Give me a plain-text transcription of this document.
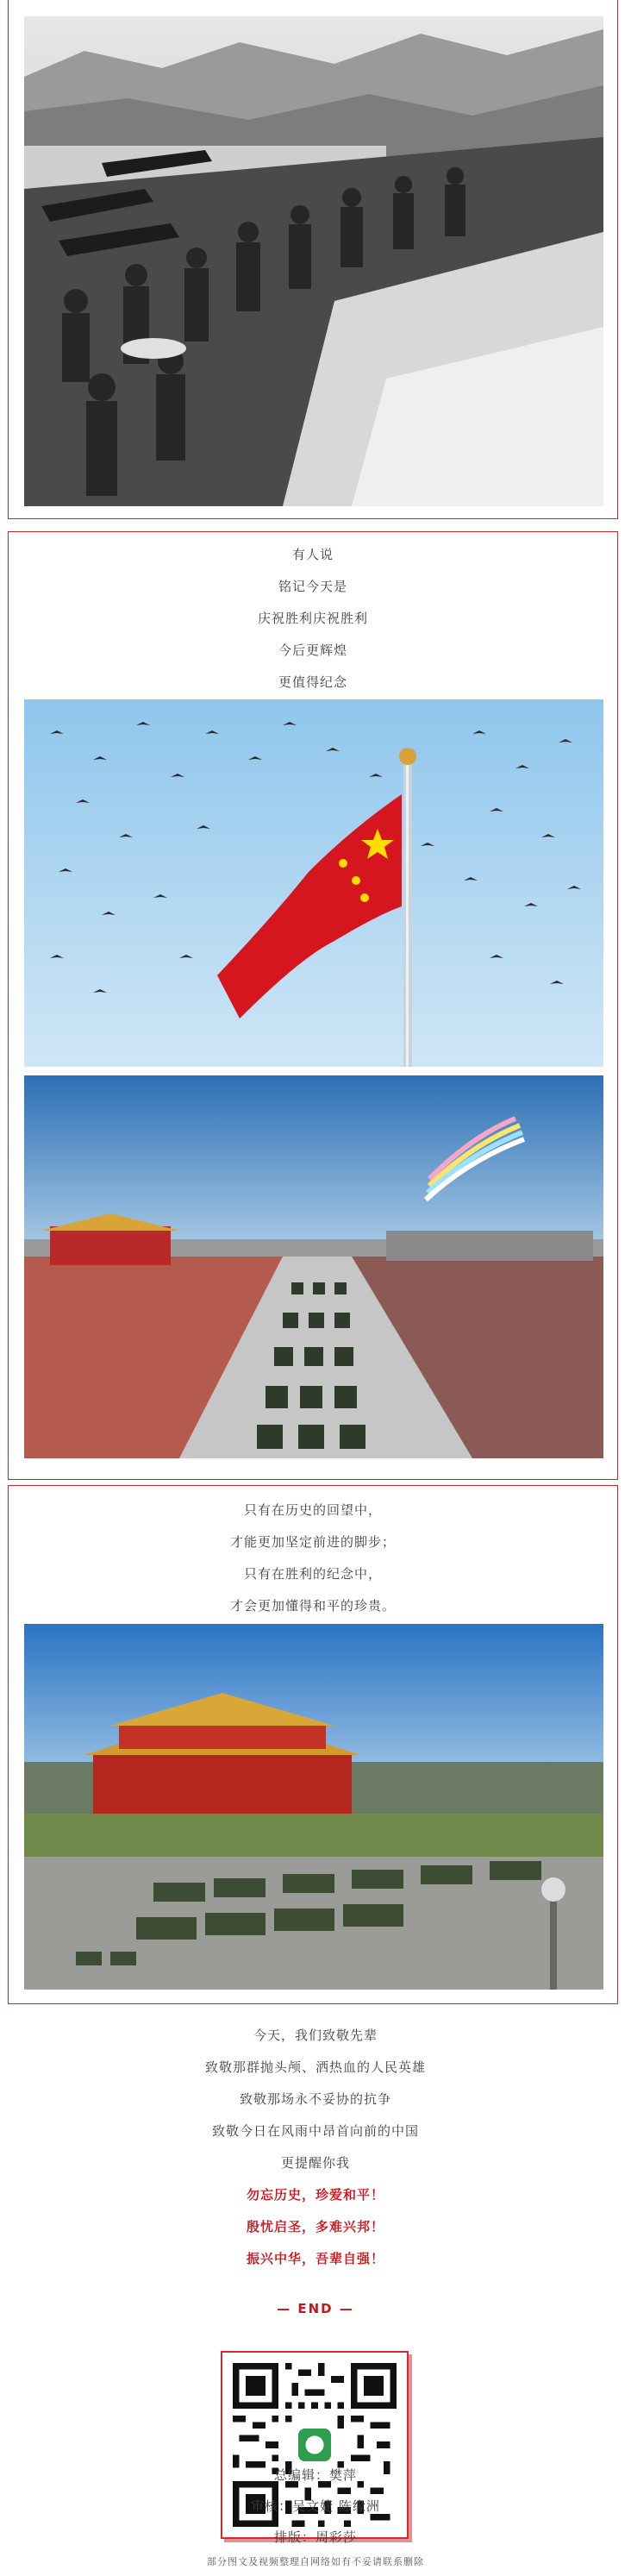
有人说
铭记今天是
庆祝胜利庆祝胜利
今后更辉煌
更值得纪念
只有在历史的回望中，
才能更加坚定前进的脚步；
只有在胜利的纪念中，
才会更加懂得和平的珍贵。
今天，我们致敬先辈
致敬那群抛头颅、洒热血的人民英雄
致敬那场永不妥协的抗争
致敬今日在风雨中昂首向前的中国
更提醒你我
勿忘历史，珍爱和平！
殷忧启圣，多难兴邦！
振兴中华，吾辈自强！
— END —
总编辑：樊萍
审核：吴文婕 陈缘洲
排版：周彩莎
部分图文及视频整理自网络如有不妥请联系删除
